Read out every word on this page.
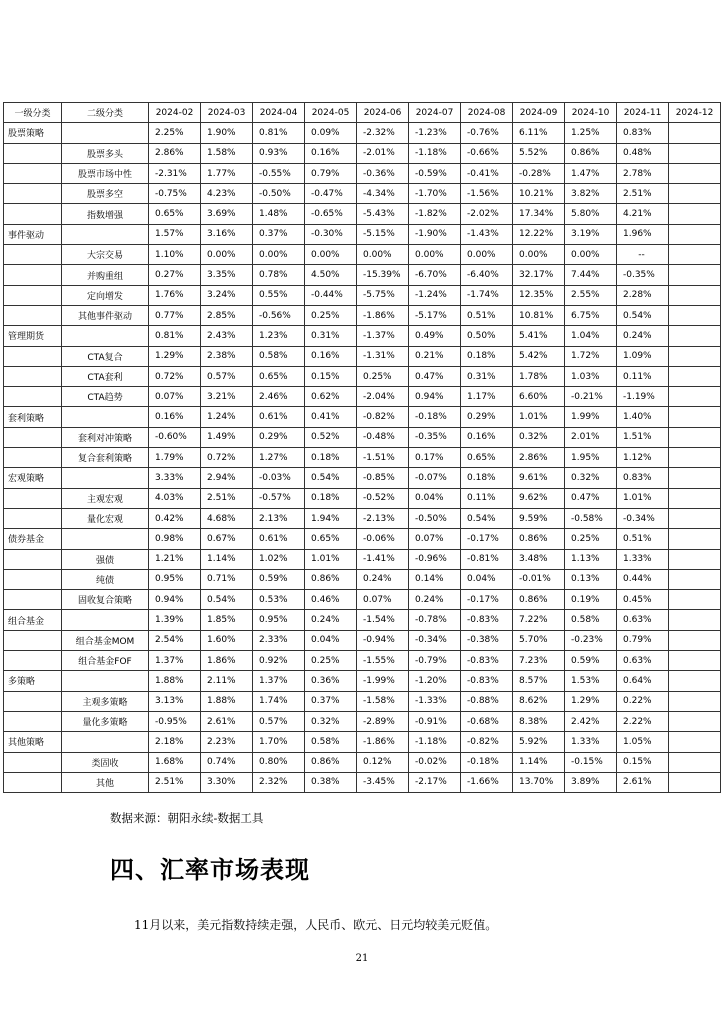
一级分类	二级分类	2024-02	2024-03	2024-04	2024-05	2024-06	2024-07	2024-08	2024-09	2024-10	2024-11	2024-12
股票策略		2.25%	1.90%	0.81%	0.09%	-2.32%	-1.23%	-0.76%	6.11%	1.25%	0.83%	
	股票多头	2.86%	1.58%	0.93%	0.16%	-2.01%	-1.18%	-0.66%	5.52%	0.86%	0.48%	
	股票市场中性	-2.31%	1.77%	-0.55%	0.79%	-0.36%	-0.59%	-0.41%	-0.28%	1.47%	2.78%	
	股票多空	-0.75%	4.23%	-0.50%	-0.47%	-4.34%	-1.70%	-1.56%	10.21%	3.82%	2.51%	
	指数增强	0.65%	3.69%	1.48%	-0.65%	-5.43%	-1.82%	-2.02%	17.34%	5.80%	4.21%	
事件驱动		1.57%	3.16%	0.37%	-0.30%	-5.15%	-1.90%	-1.43%	12.22%	3.19%	1.96%	
	大宗交易	1.10%	0.00%	0.00%	0.00%	0.00%	0.00%	0.00%	0.00%	0.00%	--	
	并购重组	0.27%	3.35%	0.78%	4.50%	-15.39%	-6.70%	-6.40%	32.17%	7.44%	-0.35%	
	定向增发	1.76%	3.24%	0.55%	-0.44%	-5.75%	-1.24%	-1.74%	12.35%	2.55%	2.28%	
	其他事件驱动	0.77%	2.85%	-0.56%	0.25%	-1.86%	-5.17%	0.51%	10.81%	6.75%	0.54%	
管理期货		0.81%	2.43%	1.23%	0.31%	-1.37%	0.49%	0.50%	5.41%	1.04%	0.24%	
	CTA复合	1.29%	2.38%	0.58%	0.16%	-1.31%	0.21%	0.18%	5.42%	1.72%	1.09%	
	CTA套利	0.72%	0.57%	0.65%	0.15%	0.25%	0.47%	0.31%	1.78%	1.03%	0.11%	
	CTA趋势	0.07%	3.21%	2.46%	0.62%	-2.04%	0.94%	1.17%	6.60%	-0.21%	-1.19%	
套利策略		0.16%	1.24%	0.61%	0.41%	-0.82%	-0.18%	0.29%	1.01%	1.99%	1.40%	
	套利对冲策略	-0.60%	1.49%	0.29%	0.52%	-0.48%	-0.35%	0.16%	0.32%	2.01%	1.51%	
	复合套利策略	1.79%	0.72%	1.27%	0.18%	-1.51%	0.17%	0.65%	2.86%	1.95%	1.12%	
宏观策略		3.33%	2.94%	-0.03%	0.54%	-0.85%	-0.07%	0.18%	9.61%	0.32%	0.83%	
	主观宏观	4.03%	2.51%	-0.57%	0.18%	-0.52%	0.04%	0.11%	9.62%	0.47%	1.01%	
	量化宏观	0.42%	4.68%	2.13%	1.94%	-2.13%	-0.50%	0.54%	9.59%	-0.58%	-0.34%	
债券基金		0.98%	0.67%	0.61%	0.65%	-0.06%	0.07%	-0.17%	0.86%	0.25%	0.51%	
	强债	1.21%	1.14%	1.02%	1.01%	-1.41%	-0.96%	-0.81%	3.48%	1.13%	1.33%	
	纯债	0.95%	0.71%	0.59%	0.86%	0.24%	0.14%	0.04%	-0.01%	0.13%	0.44%	
	固收复合策略	0.94%	0.54%	0.53%	0.46%	0.07%	0.24%	-0.17%	0.86%	0.19%	0.45%	
组合基金		1.39%	1.85%	0.95%	0.24%	-1.54%	-0.78%	-0.83%	7.22%	0.58%	0.63%	
	组合基金MOM	2.54%	1.60%	2.33%	0.04%	-0.94%	-0.34%	-0.38%	5.70%	-0.23%	0.79%	
	组合基金FOF	1.37%	1.86%	0.92%	0.25%	-1.55%	-0.79%	-0.83%	7.23%	0.59%	0.63%	
多策略		1.88%	2.11%	1.37%	0.36%	-1.99%	-1.20%	-0.83%	8.57%	1.53%	0.64%	
	主观多策略	3.13%	1.88%	1.74%	0.37%	-1.58%	-1.33%	-0.88%	8.62%	1.29%	0.22%	
	量化多策略	-0.95%	2.61%	0.57%	0.32%	-2.89%	-0.91%	-0.68%	8.38%	2.42%	2.22%	
其他策略		2.18%	2.23%	1.70%	0.58%	-1.86%	-1.18%	-0.82%	5.92%	1.33%	1.05%	
	类固收	1.68%	0.74%	0.80%	0.86%	0.12%	-0.02%	-0.18%	1.14%	-0.15%	0.15%	
	其他	2.51%	3.30%	2.32%	0.38%	-3.45%	-2.17%	-1.66%	13.70%	3.89%	2.61%	
数据来源：朝阳永续-数据工具
四、汇率市场表现
11月以来，美元指数持续走强，人民币、欧元、日元均较美元贬值。
21
